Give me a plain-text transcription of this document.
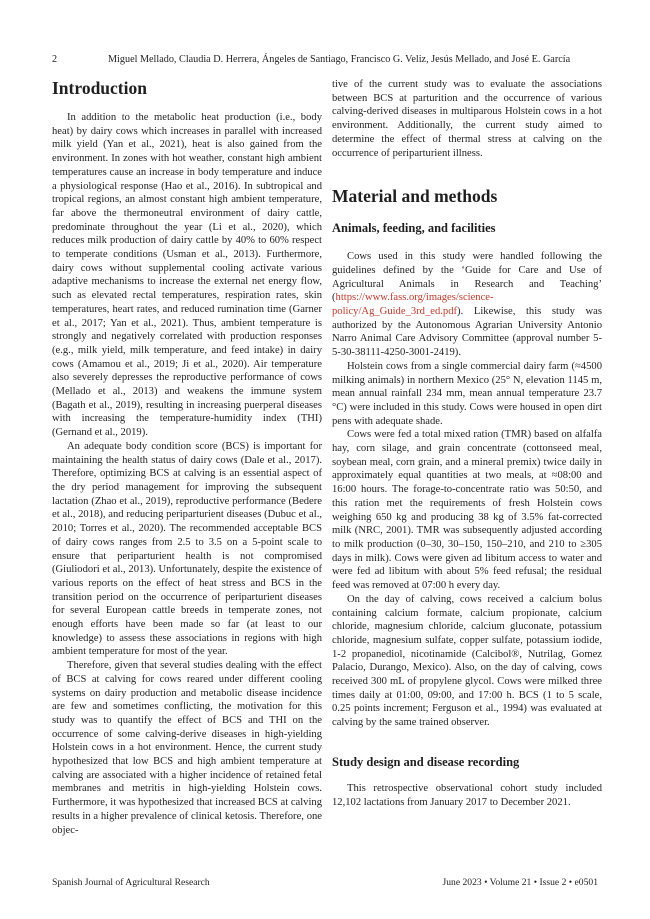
2	Miguel Mellado, Claudia D. Herrera, Ángeles de Santiago, Francisco G. Veliz, Jesús Mellado, and José E. García
Introduction

In addition to the metabolic heat production (i.e., body heat) by dairy cows which increases in parallel with increased milk yield (Yan et al., 2021), heat is also gained from the environment. In zones with hot weather, constant high ambient temperatures cause an increase in body temperature and induce a physiological response (Hao et al., 2016). In subtropical and tropical regions, an almost constant high ambient temperature, far above the thermoneutral environment of dairy cattle, predominate throughout the year (Li et al., 2020), which reduces milk production of dairy cattle by 40% to 60% respect to temperate conditions (Usman et al., 2013). Furthermore, dairy cows without supplemental cooling activate various adaptive mechanisms to increase the external net energy flow, such as elevated rectal temperatures, respiration rates, skin temperatures, heart rates, and reduced rumination time (Garner et al., 2017; Yan et al., 2021). Thus, ambient temperature is strongly and negatively correlated with production responses (e.g., milk yield, milk temperature, and feed intake) in dairy cows (Amamou et al., 2019; Ji et al., 2020). Air temperature also severely depresses the reproductive performance of cows (Mellado et al., 2013) and weakens the immune system (Bagath et al., 2019), resulting in increasing puerperal diseases with increasing the temperature-humidity index (THI) (Gernand et al., 2019).

An adequate body condition score (BCS) is important for maintaining the health status of dairy cows (Dale et al., 2017). Therefore, optimizing BCS at calving is an essential aspect of the dry period management for improving the subsequent lactation (Zhao et al., 2019), reproductive performance (Bedere et al., 2018), and reducing periparturient diseases (Dubuc et al., 2010; Torres et al., 2020). The recommended acceptable BCS of dairy cows ranges from 2.5 to 3.5 on a 5-point scale to ensure that periparturient health is not compromised (Giuliodori et al., 2013). Unfortunately, despite the existence of various reports on the effect of heat stress and BCS in the transition period on the occurrence of periparturient diseases for several European cattle breeds in temperate zones, not enough efforts have been made so far (at least to our knowledge) to assess these associations in regions with high ambient temperature for most of the year.

Therefore, given that several studies dealing with the effect of BCS at calving for cows reared under different cooling systems on dairy production and metabolic disease incidence are few and sometimes conflicting, the motivation for this study was to quantify the effect of BCS and THI on the occurrence of some calving-derive diseases in high-yielding Holstein cows in a hot environment. Hence, the current study hypothesized that low BCS and high ambient temperature at calving are associated with a higher incidence of retained fetal membranes and metritis in high-yielding Holstein cows. Furthermore, it was hypothesized that increased BCS at calving results in a higher prevalence of clinical ketosis. Therefore, one objec-

tive of the current study was to evaluate the associations between BCS at parturition and the occurrence of various calving-derived diseases in multiparous Holstein cows in a hot environment. Additionally, the current study aimed to determine the effect of thermal stress at calving on the occurrence of periparturient illness.

Material and methods
Animals, feeding, and facilities

Cows used in this study were handled following the guidelines defined by the ‘Guide for Care and Use of Agricultural Animals in Research and Teaching’ (https://www.fass.org/images/science-policy/Ag_Guide_3rd_ed.pdf). Likewise, this study was authorized by the Autonomous Agrarian University Antonio Narro Animal Care Advisory Committee (approval number 5-5-30-38111-4250-3001-2419).

Holstein cows from a single commercial dairy farm (≈4500 milking animals) in northern Mexico (25° N, elevation 1145 m, mean annual rainfall 234 mm, mean annual temperature 23.7 °C) were included in this study. Cows were housed in open dirt pens with adequate shade.

Cows were fed a total mixed ration (TMR) based on alfalfa hay, corn silage, and grain concentrate (cottonseed meal, soybean meal, corn grain, and a mineral premix) twice daily in approximately equal quantities at two meals, at ≈08:00 and 16:00 hours. The forage-to-concentrate ratio was 50:50, and this ration met the requirements of fresh Holstein cows weighing 650 kg and producing 38 kg of 3.5% fat-corrected milk (NRC, 2001). TMR was subsequently adjusted according to milk production (0–30, 30–150, 150–210, and 210 to ≥305 days in milk). Cows were given ad libitum access to water and were fed ad libitum with about 5% feed refusal; the residual feed was removed at 07:00 h every day.

On the day of calving, cows received a calcium bolus containing calcium formate, calcium propionate, calcium chloride, magnesium chloride, calcium gluconate, potassium chloride, magnesium sulfate, copper sulfate, potassium iodide, 1-2 propanediol, nicotinamide (Calcibol®, Nutrilag, Gomez Palacio, Durango, Mexico). Also, on the day of calving, cows received 300 mL of propylene glycol. Cows were milked three times daily at 01:00, 09:00, and 17:00 h. BCS (1 to 5 scale, 0.25 points increment; Ferguson et al., 1994) was evaluated at calving by the same trained observer.

Study design and disease recording

This retrospective observational cohort study included 12,102 lactations from January 2017 to December 2021.

Spanish Journal of Agricultural Research	June 2023 • Volume 21 • Issue 2 • e0501
